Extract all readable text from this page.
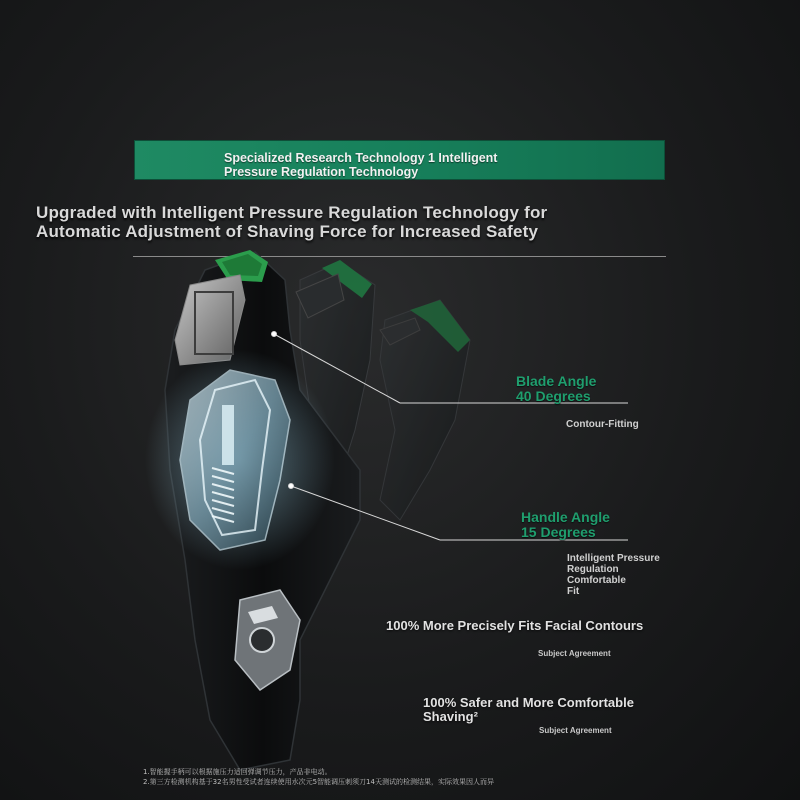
Specialized Research Technology 1 Intelligent
Pressure Regulation Technology
Upgraded with Intelligent Pressure Regulation Technology for
Automatic Adjustment of Shaving Force for Increased Safety
Blade Angle
40 Degrees
Contour-Fitting
Handle Angle
15 Degrees
Intelligent Pressure
Regulation
Comfortable
Fit
100% More Precisely Fits Facial Contours
Subject Agreement
100% Safer and More Comfortable
Shaving²
Subject Agreement
1.智能握手柄可以根据施压力适回弹调节压力，产品非电动。
2.第三方检测机构基于32名男性受试者连续使用水次元5智能调压刺须刀14天测试的检测结果，实际效果因人而异
